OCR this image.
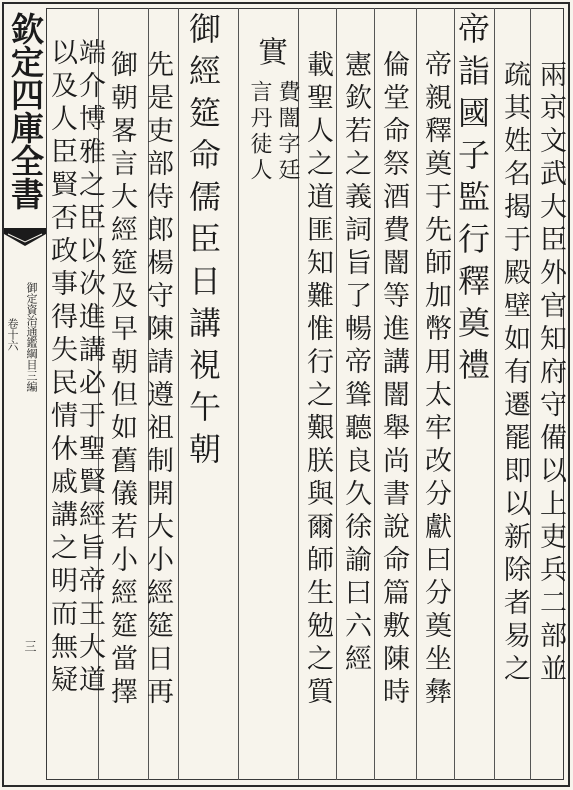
欽定四庫全書
御定資治通鑑綱目三編
卷十六
三	兩京文武大臣外官知府守備以上吏兵二部並
疏其姓名揭于殿壁如有遷罷即以新除者易之
帝詣國子監行釋奠禮
帝親釋奠于先師加幣用太牢改分獻曰分奠坐彝
倫堂命祭酒費闇等進講闇舉尚書說命篇敷陳時
憲欽若之義詞旨了暢帝聳聽良久徐諭曰六經
載聖人之道匪知難惟行之艱朕與爾師生勉之質
實
費闇字廷
言丹徒人
御經筵命儒臣日講視午朝
先是吏部侍郎楊守陳請遵祖制開大小經筵日再
御朝畧言大經筵及早朝但如舊儀若小經筵當擇
端介博雅之臣以次進講必于聖賢經旨帝王大道
以及人臣賢否政事得失民情休戚講之明而無疑
